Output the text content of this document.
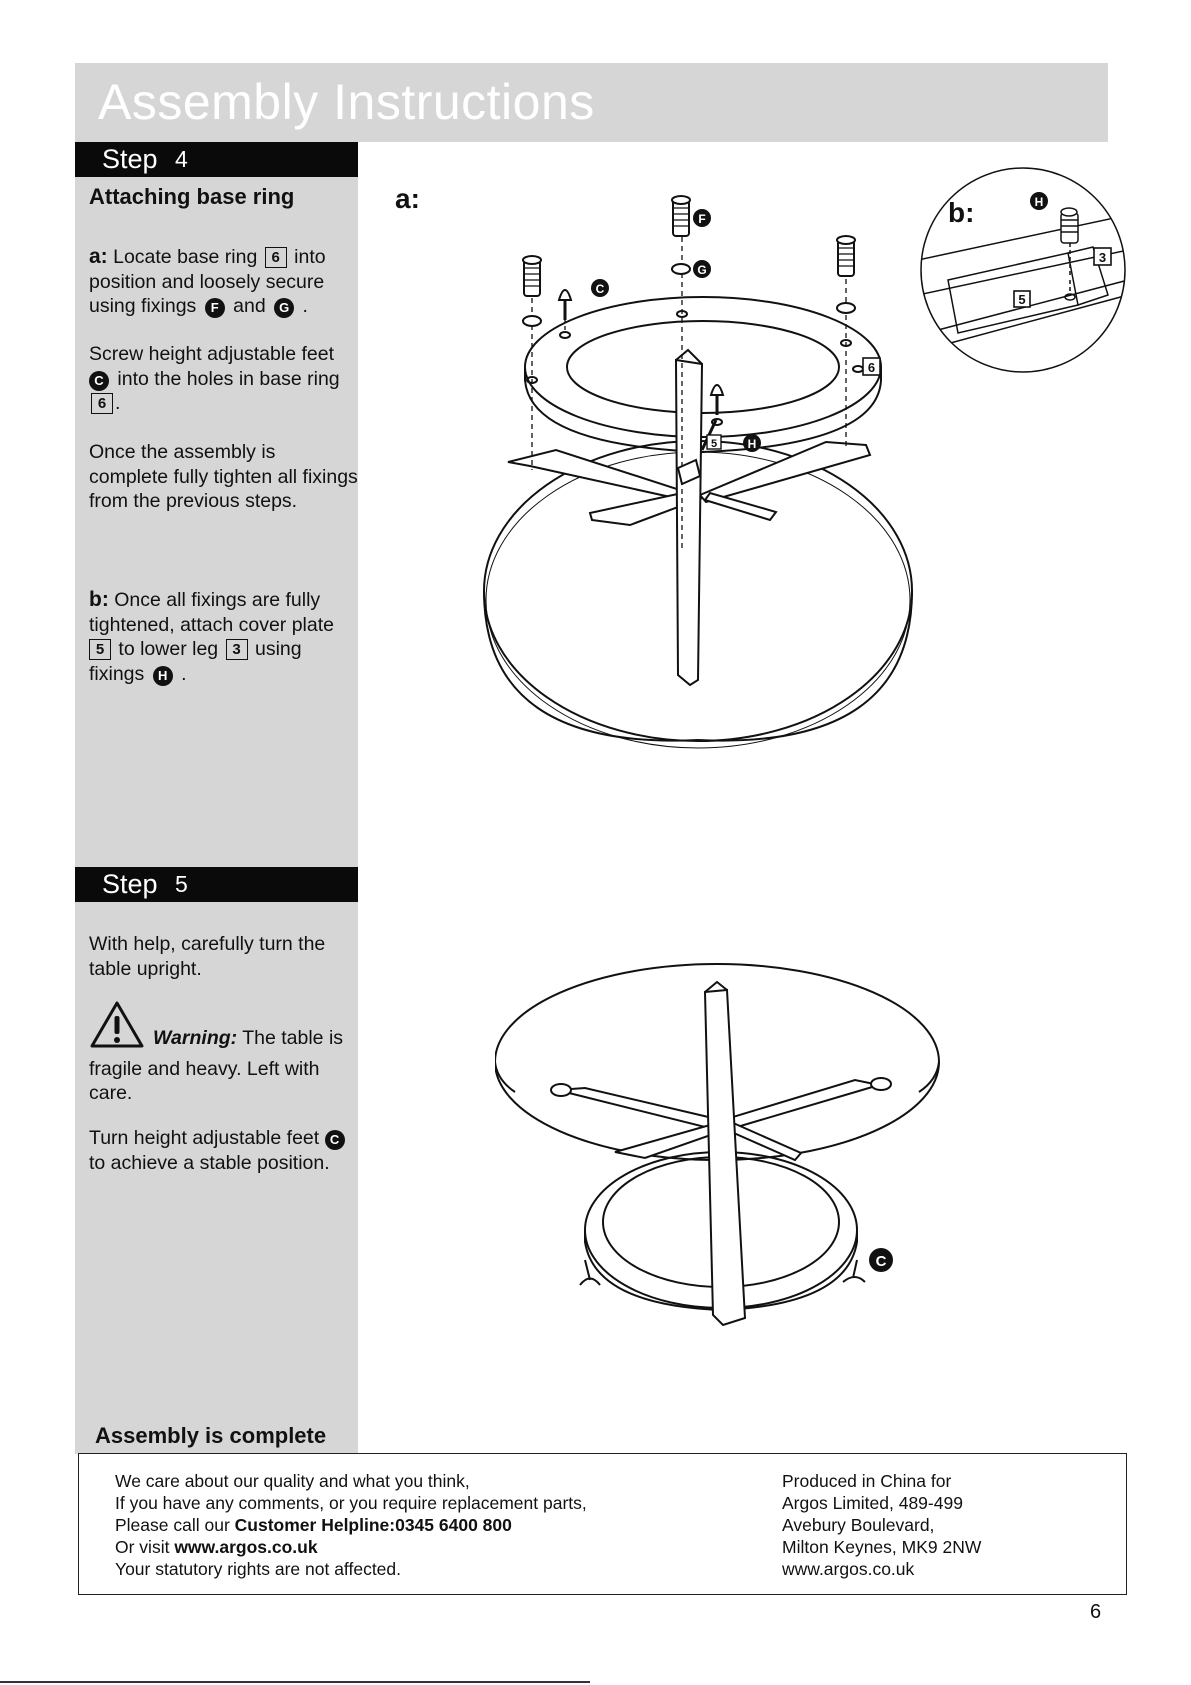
Assembly Instructions
Step 4
Attaching base ring

a: Locate base ring 6 into position and loosely secure using fixings F and G .

Screw height adjustable feet C into the holes in base ring 6 .

Once the assembly is complete fully tighten all fixings from the previous steps.

b: Once all fixings are fully tightened, attach cover plate 5 to lower leg 3 using fixings H .

Step 5

With help, carefully turn the table upright.

Warning: The table is fragile and heavy. Left with care.

Turn height adjustable feet C to achieve a stable position.

Assembly is complete
a:
F
G
C
H
6
5
H
3
5
b:
C
We care about our quality and what you think,
If you have any comments, or you require replacement parts,
Please call our Customer Helpline:0345 6400 800
Or visit www.argos.co.uk
Your statutory rights are not affected.
Produced in China for
Argos Limited, 489-499
Avebury Boulevard,
Milton Keynes, MK9 2NW
www.argos.co.uk
6
